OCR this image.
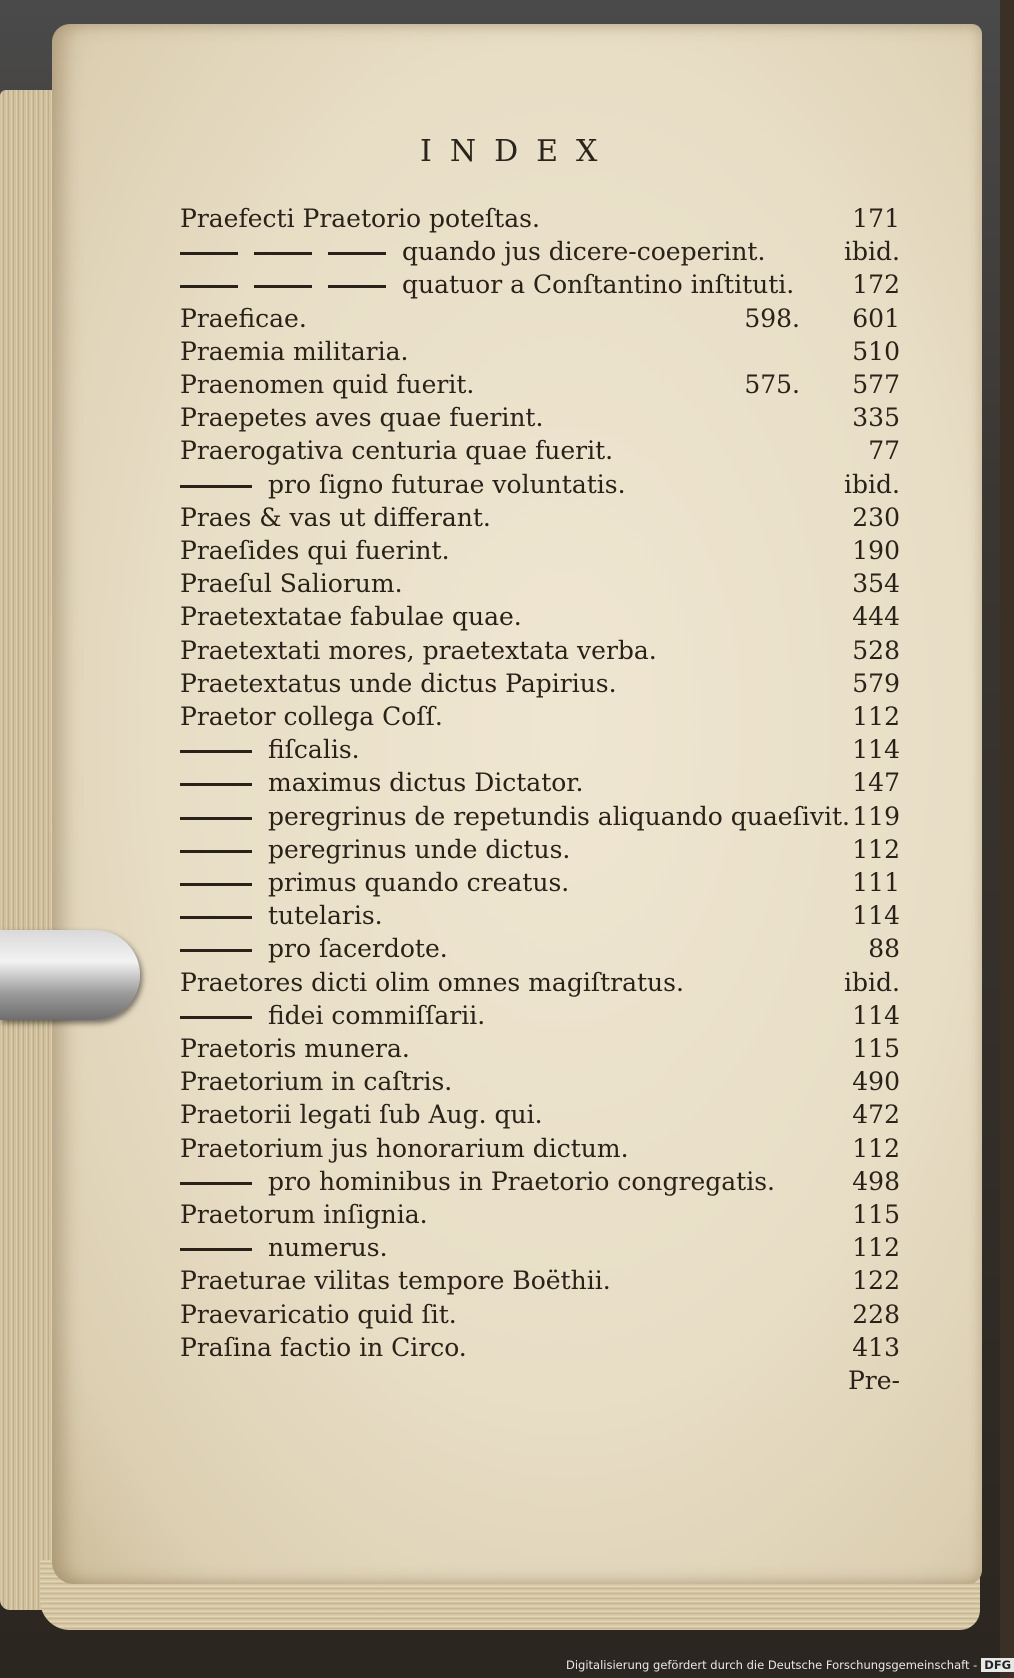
INDEX
Praefecti Praetorio poteſtas.	171
quando jus dicere-coeperint.	ibid.
quatuor a Conſtantino inſtituti. 172
Praeficae.	598. 601
Praemia militaria.	510
Praenomen quid fuerit.	575. 577
Praepetes aves quae fuerint.	335
Praerogativa centuria quae fuerit.	77
pro ſigno futurae voluntatis.	ibid.
Praes & vas ut differant.	230
Praeſides qui fuerint.	190
Praeſul Saliorum.	354
Praetextatae fabulae quae.	444
Praetextati mores, praetextata verba.	528
Praetextatus unde dictus Papirius.	579
Praetor collega Coſſ.	112
fiſcalis.	114
maximus dictus Dictator.	147
peregrinus de repetundis aliquando quaeſivit. 119
peregrinus unde dictus.	112
primus quando creatus.	111
tutelaris.	114
pro ſacerdote.	88
Praetores dicti olim omnes magiſtratus.	ibid.
fidei commiſſarii.	114
Praetoris munera.	115
Praetorium in caſtris.	490
Praetorii legati ſub Aug. qui.	472
Praetorium jus honorarium dictum.	112
pro hominibus in Praetorio congregatis.	498
Praetorum inſignia.	115
numerus.	112
Praeturae vilitas tempore Boëthii.	122
Praevaricatio quid ſit.	228
Praſina factio in Circo.	413
Pre-
Digitalisierung gefördert durch die Deutsche Forschungsgemeinschaft - DFG
